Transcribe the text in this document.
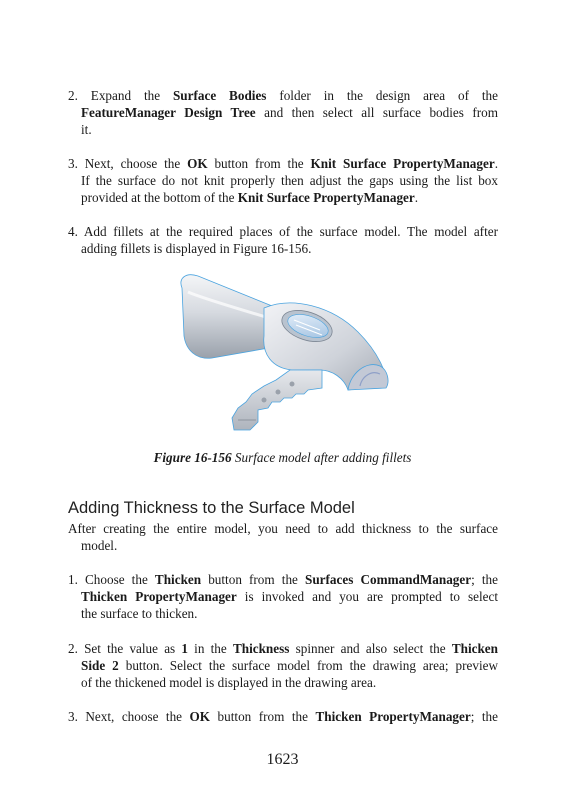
2. Expand the Surface Bodies folder in the design area of the
FeatureManager Design Tree and then select all surface bodies from
it.
3. Next, choose the OK button from the Knit Surface PropertyManager.
If the surface do not knit properly then adjust the gaps using the list box
provided at the bottom of the Knit Surface PropertyManager.
4. Add fillets at the required places of the surface model. The model after
adding fillets is displayed in Figure 16-156.
Figure 16-156 Surface model after adding fillets
Adding Thickness to the Surface Model
After creating the entire model, you need to add thickness to the surface
model.
1. Choose the Thicken button from the Surfaces CommandManager; the
Thicken PropertyManager is invoked and you are prompted to select
the surface to thicken.
2. Set the value as 1 in the Thickness spinner and also select the Thicken
Side 2 button. Select the surface model from the drawing area; preview
of the thickened model is displayed in the drawing area.
3. Next, choose the OK button from the Thicken PropertyManager; the
1623
